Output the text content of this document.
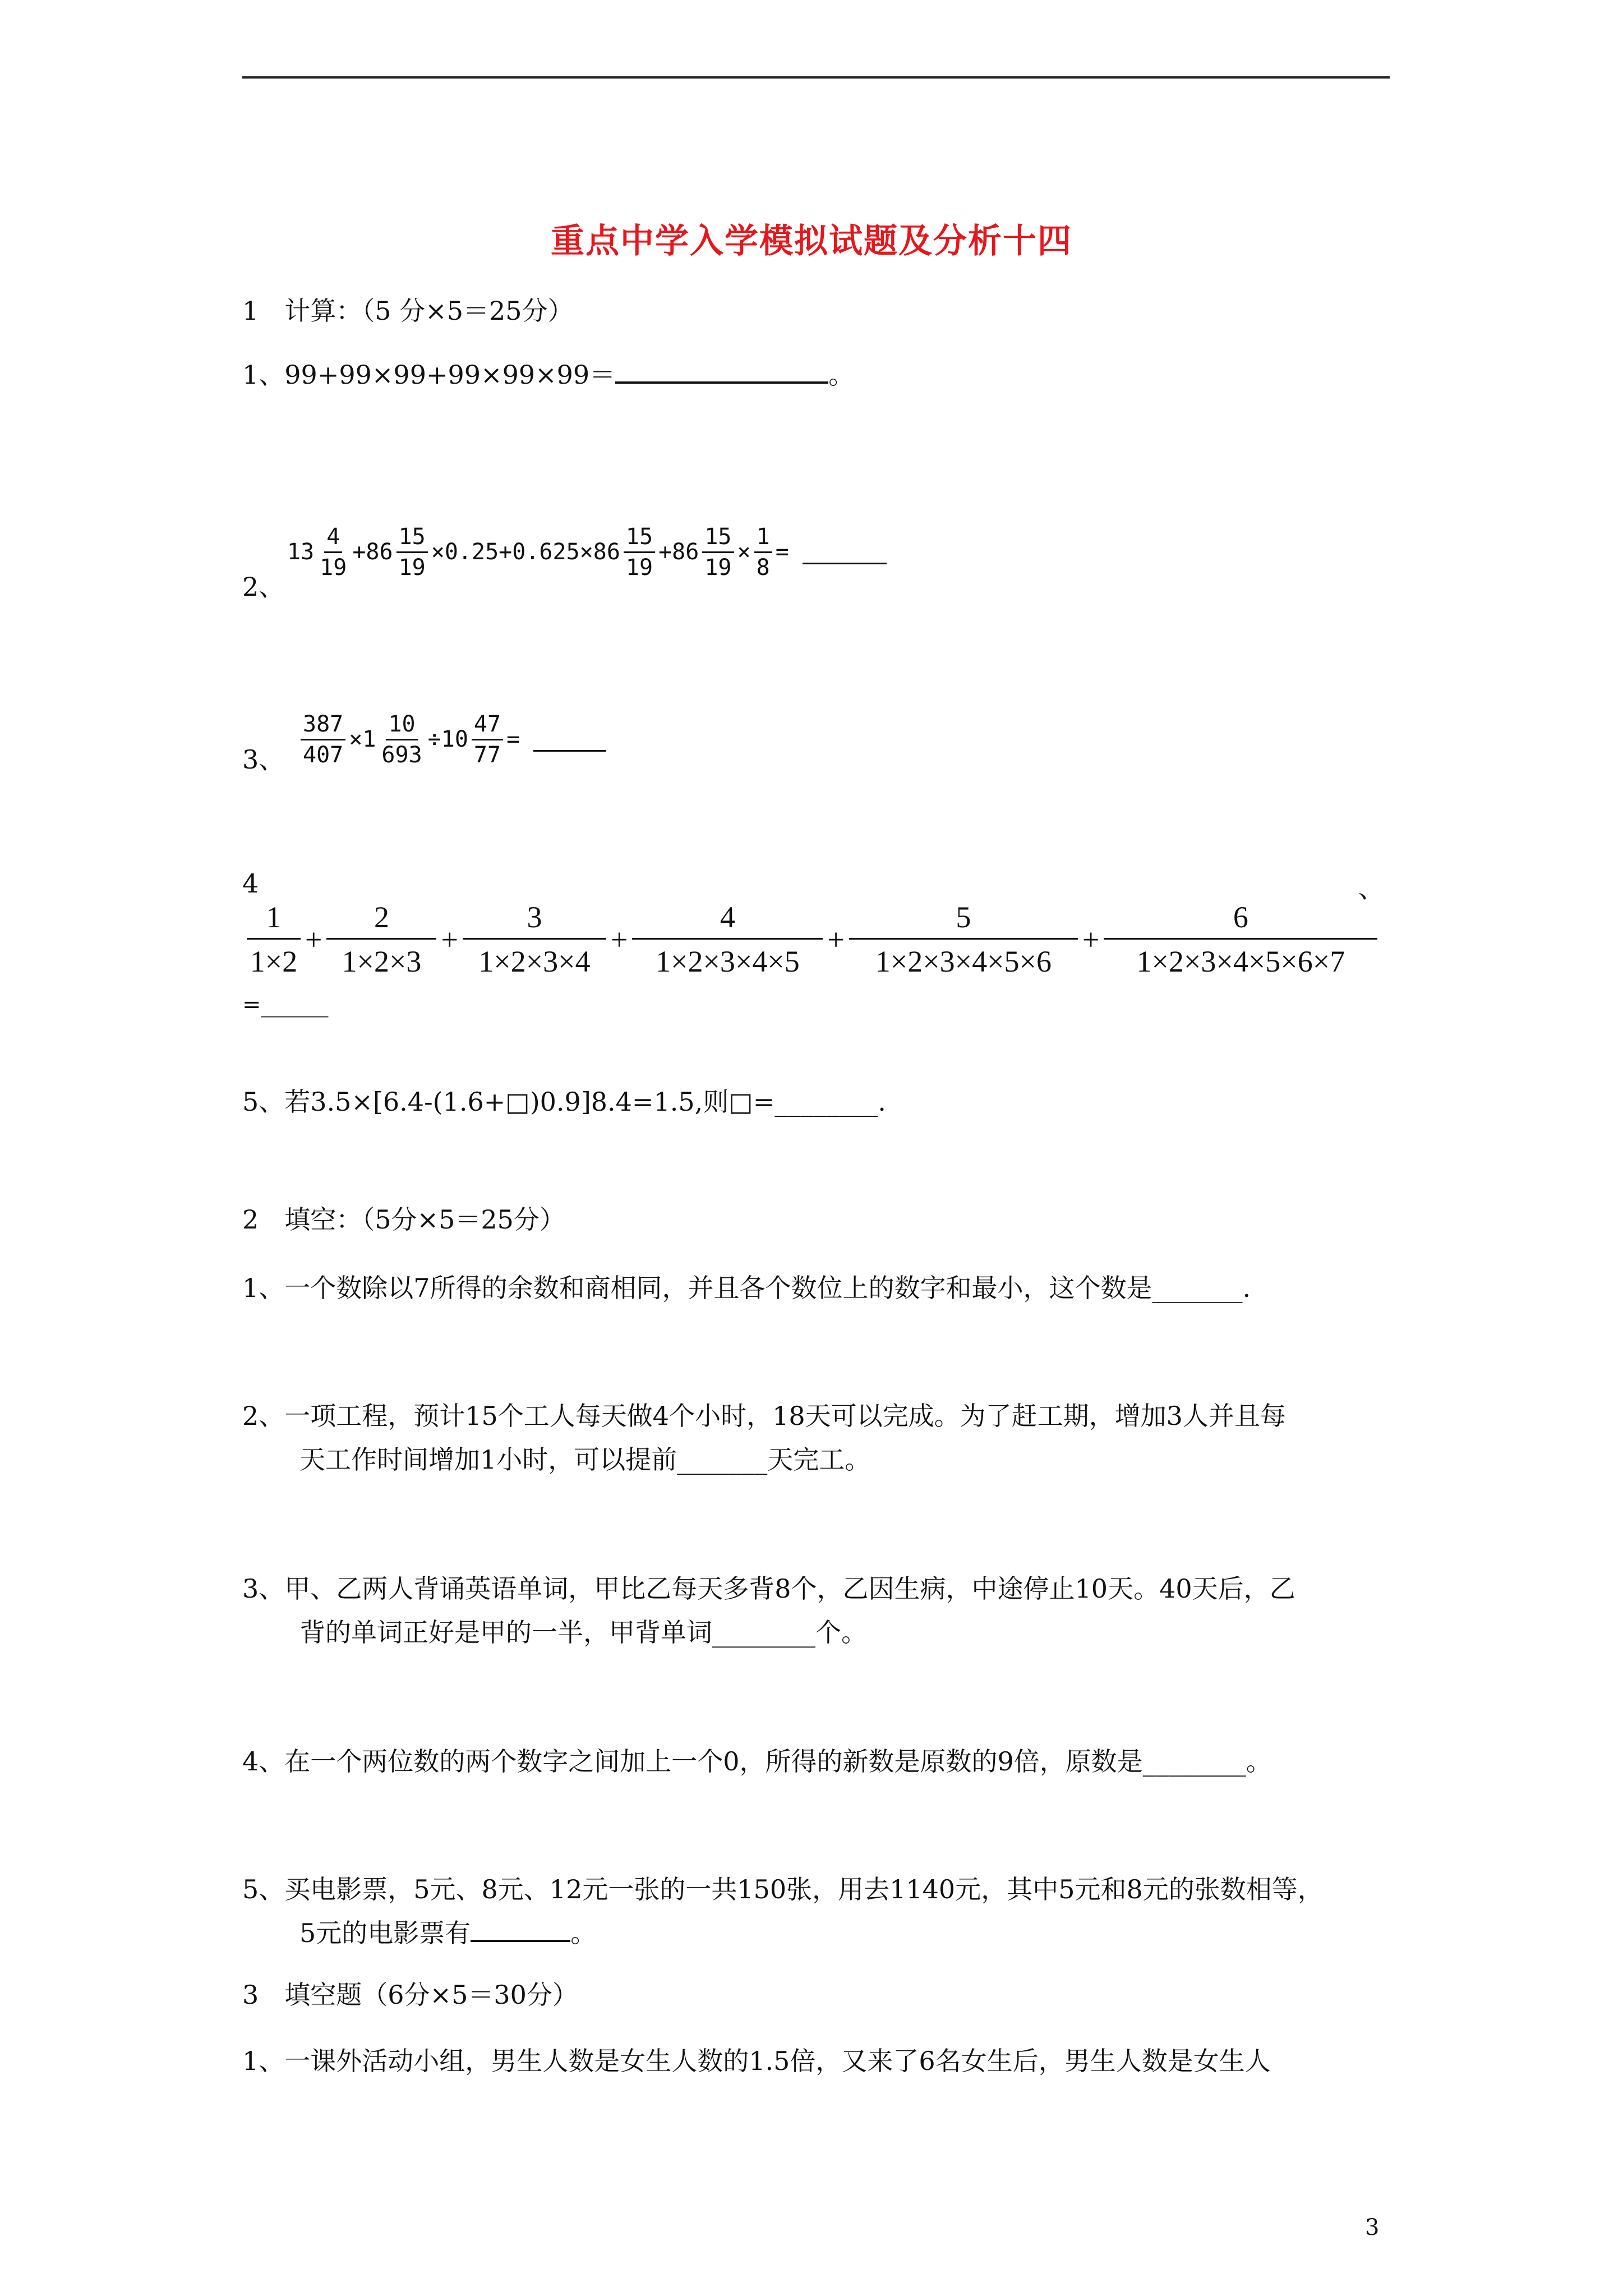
重点中学入学模拟试题及分析十四
1　计算：（5 分×5＝25分）
1、99+99×99+99×99×99＝	。
2、
$13 \frac{4}{19} +86 \frac{15}{19} \times 0.25+0.625\times 86 \frac{15}{19} +86 \frac{15}{19} \times \frac{1}{8}$ =
3、 $\frac{387}{407} \times 1 \frac{10}{693} \div 10 \frac{47}{77}$ =
4	、
$\frac{1}{1\times 2} + \frac{2}{1\times 2\times 3} + \frac{3}{1\times 2\times 3\times 4} + \frac{4}{1\times 2\times 3\times 4\times 5} + \frac{5}{1\times 2\times 3\times 4\times 5\times 6} + \frac{6}{1\times 2\times 3\times 4\times 5\times 6\times 7}$
=______
5、若3.5×[6.4-(1.6+□)0.9]8.4=1.5,则□=________.
2　填空：（5分×5＝25分）
1、一个数除以7所得的余数和商相同，并且各个数位上的数字和最小，这个数是_______.
2、一项工程，预计15个工人每天做4个小时，18天可以完成。为了赶工期，增加3人并且每
天工作时间增加1小时，可以提前_______天完工。
3、甲、乙两人背诵英语单词，甲比乙每天多背8个，乙因生病，中途停止10天。40天后，乙
背的单词正好是甲的一半，甲背单词________个。
4、在一个两位数的两个数字之间加上一个0，所得的新数是原数的9倍，原数是________。
5、买电影票，5元、8元、12元一张的一共150张，用去1140元，其中5元和8元的张数相等，
5元的电影票有	。
3　填空题（6分×5＝30分）
1、一课外活动小组，男生人数是女生人数的1.5倍，又来了6名女生后，男生人数是女生人
3
